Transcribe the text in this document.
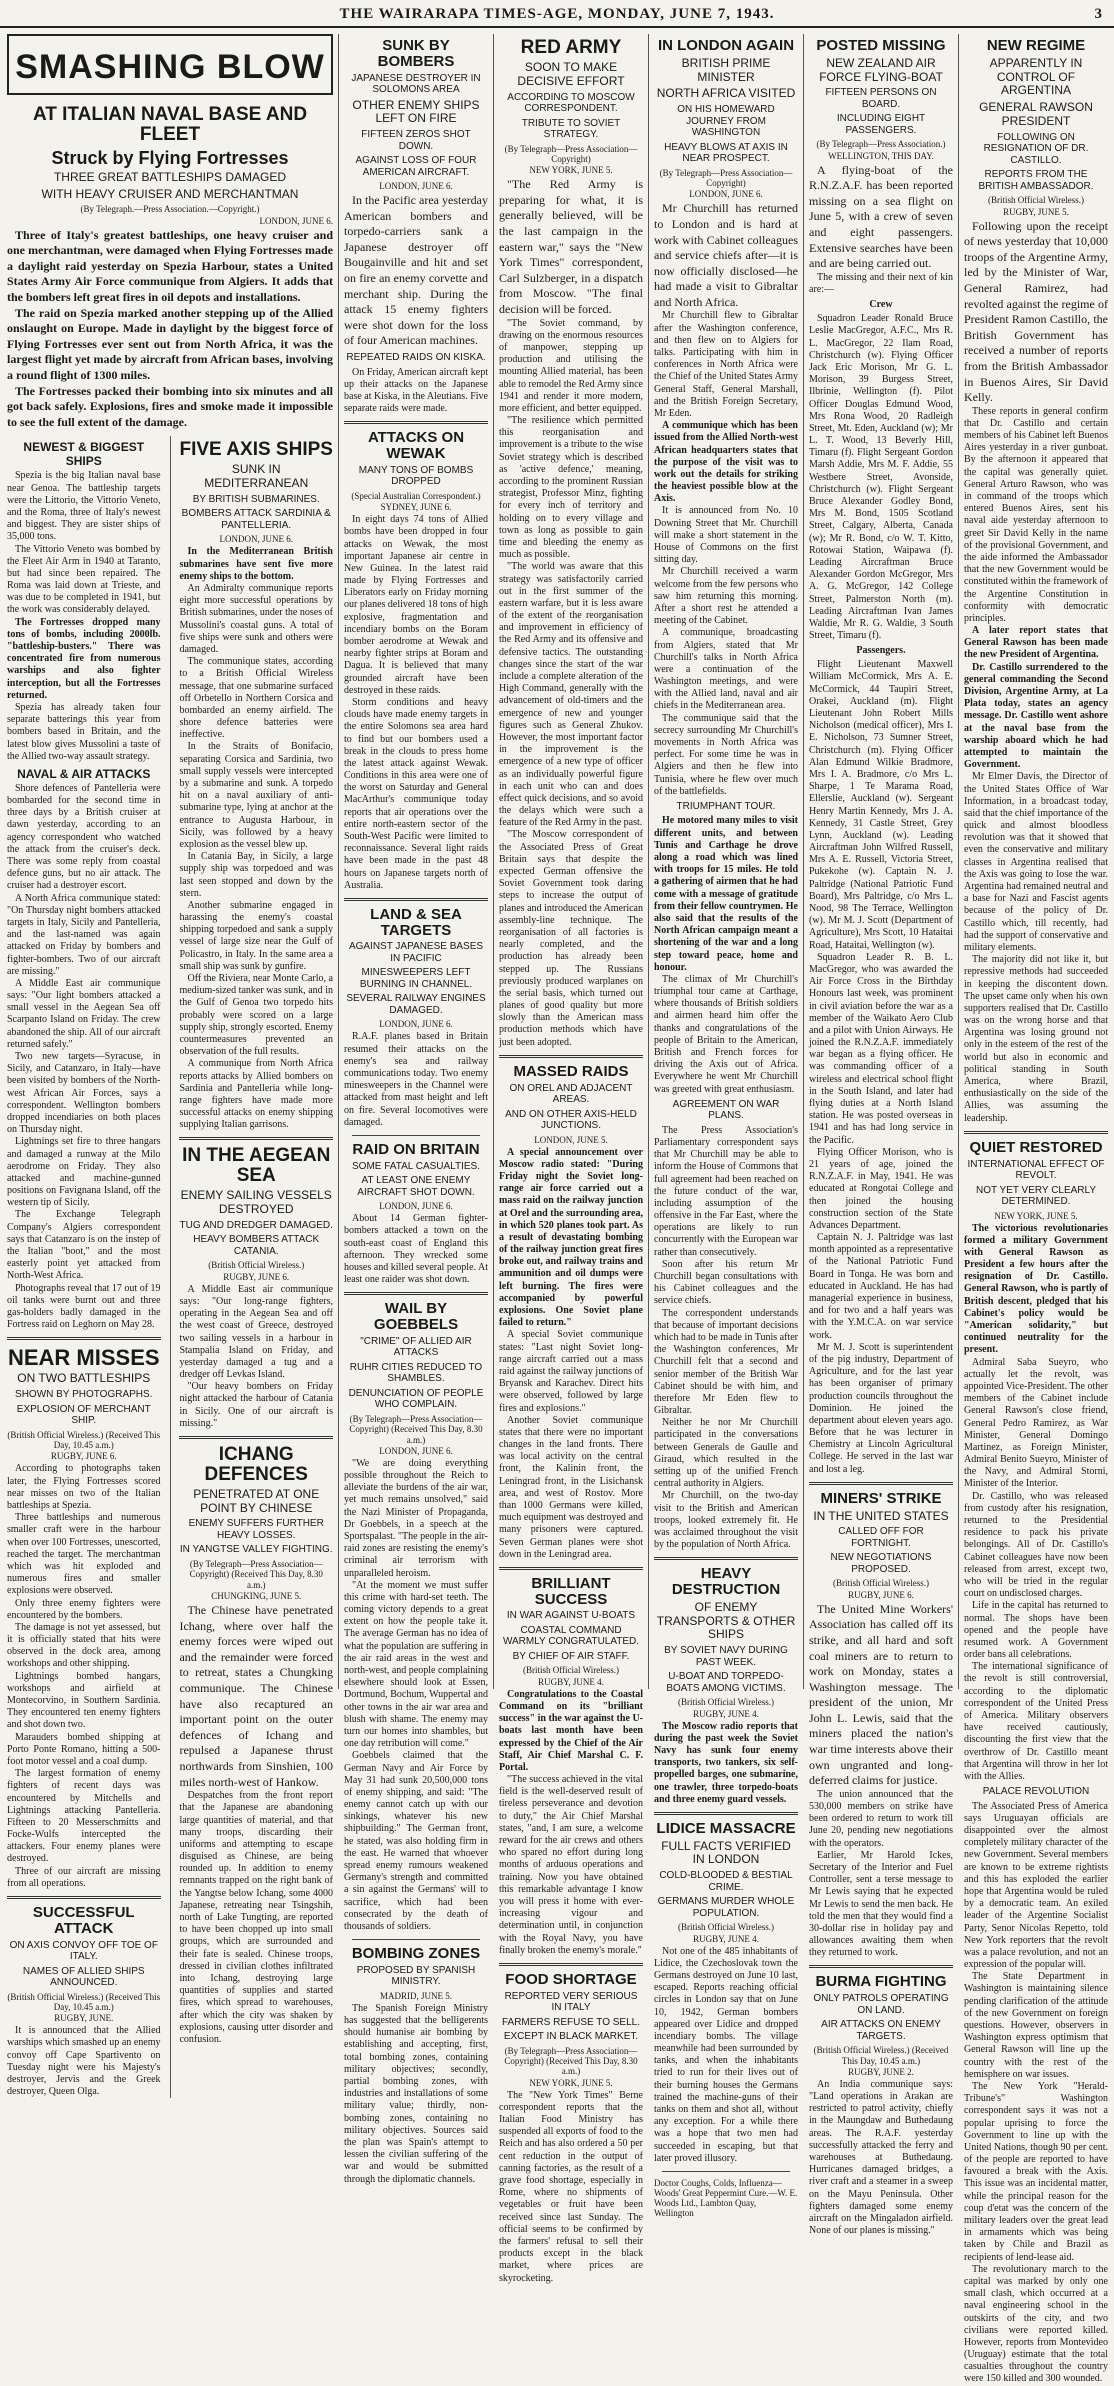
THE WAIRARAPA TIMES-AGE, MONDAY, JUNE 7, 1943.	3
SMASHING BLOW
AT ITALIAN NAVAL BASE AND FLEET
Struck by Flying Fortresses
THREE GREAT BATTLESHIPS DAMAGED
WITH HEAVY CRUISER AND MERCHANTMAN
(By Telegraph.—Press Association.—Copyright.)
LONDON, JUNE 6.

Three of Italy's greatest battleships, one heavy cruiser and one merchantman, were damaged when Flying Fortresses made a daylight raid yesterday on Spezia Harbour, states a United States Army Air Force communique from Algiers. It adds that the bombers left great fires in oil depots and installations.

The raid on Spezia marked another stepping up of the Allied onslaught on Europe. Made in daylight by the biggest force of Flying Fortresses ever sent out from North Africa, it was the largest flight yet made by aircraft from African bases, involving a round flight of 1300 miles.

The Fortresses packed their bombing into six minutes and all got back safely. Explosions, fires and smoke made it impossible to see the full extent of the damage.

NEWEST & BIGGEST SHIPS

Spezia is the big Italian naval base near Genoa. The battleship targets were the Littorio, the Vittorio Veneto, and the Roma, three of Italy's newest and biggest. They are sister ships of 35,000 tons.

The Vittorio Veneto was bombed by the Fleet Air Arm in 1940 at Taranto, but had since been repaired. The Roma was laid down at Trieste, and was due to be completed in 1941, but the work was considerably delayed.

The Fortresses dropped many tons of bombs, including 2000lb. "battleship-busters." There was concentrated fire from numerous warships and also fighter interception, but all the Fortresses returned.

Spezia has already taken four separate batterings this year from bombers based in Britain, and the latest blow gives Mussolini a taste of the Allied two-way assault strategy.

NAVAL & AIR ATTACKS

Shore defences of Pantelleria were bombarded for the second time in three days by a British cruiser at dawn yesterday, according to an agency correspondent who watched the attack from the cruiser's deck. There was some reply from coastal defence guns, but no air attack. The cruiser had a destroyer escort.

A North Africa communique stated: "On Thursday night bombers attacked targets in Italy, Sicily and Pantelleria, and the last-named was again attacked on Friday by bombers and fighter-bombers. Two of our aircraft are missing."

A Middle East air communique says: "Our light bombers attacked a small vessel in the Aegean Sea off Scarpanto Island on Friday. The crew abandoned the ship. All of our aircraft returned safely."

Two new targets—Syracuse, in Sicily, and Catanzaro, in Italy—have been visited by bombers of the North-west African Air Forces, says a correspondent. Wellington bombers dropped incendiaries on both places on Thursday night.

Lightnings set fire to three hangars and damaged a runway at the Milo aerodrome on Friday. They also attacked and machine-gunned positions on Favignana Island, off the western tip of Sicily.

The Exchange Telegraph Company's Algiers correspondent says that Catanzaro is on the instep of the Italian "boot," and the most easterly point yet attacked from North-West Africa.

Photographs reveal that 17 out of 19 oil tanks were burnt out and three gas-holders badly damaged in the Fortress raid on Leghorn on May 28.

NEAR MISSES
ON TWO BATTLESHIPS
SHOWN BY PHOTOGRAPHS.
EXPLOSION OF MERCHANT SHIP.
(British Official Wireless.) (Received This Day, 10.45 a.m.)
RUGBY, JUNE 6.

According to photographs taken later, the Flying Fortresses scored near misses on two of the Italian battleships at Spezia.

Three battleships and numerous smaller craft were in the harbour when over 100 Fortresses, unescorted, reached the target. The merchantman which was hit exploded and numerous fires and smaller explosions were observed.

Only three enemy fighters were encountered by the bombers.

The damage is not yet assessed, but it is officially stated that hits were observed in the dock area, among workshops and other shipping.

Lightnings bombed hangars, workshops and airfield at Montecorvino, in Southern Sardinia. They encountered ten enemy fighters and shot down two.

Marauders bombed shipping at Porto Ponte Romano, hitting a 500-foot motor vessel and a coal dump.

The largest formation of enemy fighters of recent days was encountered by Mitchells and Lightnings attacking Pantelleria. Fifteen to 20 Messerschmitts and Focke-Wulfs intercepted the attackers. Four enemy planes were destroyed.

Three of our aircraft are missing from all operations.

SUCCESSFUL ATTACK
ON AXIS CONVOY OFF TOE OF ITALY.
NAMES OF ALLIED SHIPS ANNOUNCED.
(British Official Wireless.) (Received This Day, 10.45 a.m.)
RUGBY, JUNE.

It is announced that the Allied warships which smashed up an enemy convoy off Cape Spartivento on Tuesday night were his Majesty's destroyer, Jervis and the Greek destroyer, Queen Olga.

FIVE AXIS SHIPS
SUNK IN MEDITERRANEAN
BY BRITISH SUBMARINES.
BOMBERS ATTACK SARDINIA & PANTELLERIA.
LONDON, JUNE 6.

In the Mediterranean British submarines have sent five more enemy ships to the bottom.

An Admiralty communique reports eight more successful operations by British submarines, under the noses of Mussolini's coastal guns. A total of five ships were sunk and others were damaged.

The communique states, according to a British Official Wireless message, that one submarine surfaced off Orbetello in Northern Corsica and bombarded an enemy airfield. The shore defence batteries were ineffective.

In the Straits of Bonifacio, separating Corsica and Sardinia, two small supply vessels were intercepted by a submarine and sunk. A torpedo hit on a naval auxiliary of anti-submarine type, lying at anchor at the entrance to Augusta Harbour, in Sicily, was followed by a heavy explosion as the vessel blew up.

In Catania Bay, in Sicily, a large supply ship was torpedoed and was last seen stopped and down by the stern.

Another submarine engaged in harassing the enemy's coastal shipping torpedoed and sank a supply vessel of large size near the Gulf of Policastro, in Italy. In the same area a small ship was sunk by gunfire.

Off the Riviera, near Monte Carlo, a medium-sized tanker was sunk, and in the Gulf of Genoa two torpedo hits probably were scored on a large supply ship, strongly escorted. Enemy countermeasures prevented an observation of the full results.

A communique from North Africa reports attacks by Allied bombers on Sardinia and Pantelleria while long-range fighters have made more successful attacks on enemy shipping supplying Italian garrisons.

IN THE AEGEAN SEA
ENEMY SAILING VESSELS DESTROYED
TUG AND DREDGER DAMAGED.
HEAVY BOMBERS ATTACK CATANIA.
(British Official Wireless.)
RUGBY, JUNE 6.

A Middle East air communique says: "Our long-range fighters, operating in the Aegean Sea and off the west coast of Greece, destroyed two sailing vessels in a harbour in Stampalia Island on Friday, and yesterday damaged a tug and a dredger off Levkas Island.

"Our heavy bombers on Friday night attacked the harbour of Catania in Sicily. One of our aircraft is missing."

ICHANG DEFENCES
PENETRATED AT ONE POINT BY CHINESE
ENEMY SUFFERS FURTHER HEAVY LOSSES.
IN YANGTSE VALLEY FIGHTING.
(By Telegraph—Press Association—Copyright) (Received This Day, 8.30 a.m.)
CHUNGKING, JUNE 5.

The Chinese have penetrated Ichang, where over half the enemy forces were wiped out and the remainder were forced to retreat, states a Chungking communique. The Chinese have also recaptured an important point on the outer defences of Ichang and repulsed a Japanese thrust northwards from Sinshien, 100 miles north-west of Hankow.

Despatches from the front report that the Japanese are abandoning large quantities of material, and that many troops, discarding their uniforms and attempting to escape disguised as Chinese, are being rounded up. In addition to enemy remnants trapped on the right bank of the Yangtse below Ichang, some 4000 Japanese, retreating near Tsingshih, north of Lake Tungting, are reported to have been chopped up into small groups, which are surrounded and their fate is sealed. Chinese troops, dressed in civilian clothes infiltrated into Ichang, destroying large quantities of supplies and started fires, which spread to warehouses, after which the city was shaken by explosions, causing utter disorder and confusion.

SUNK BY BOMBERS
JAPANESE DESTROYER IN SOLOMONS AREA
OTHER ENEMY SHIPS LEFT ON FIRE
FIFTEEN ZEROS SHOT DOWN.
AGAINST LOSS OF FOUR AMERICAN AIRCRAFT.
LONDON, JUNE 6.

In the Pacific area yesterday American bombers and torpedo-carriers sank a Japanese destroyer off Bougainville and hit and set on fire an enemy corvette and merchant ship. During the attack 15 enemy fighters were shot down for the loss of four American machines.

REPEATED RAIDS ON KISKA.

On Friday, American aircraft kept up their attacks on the Japanese base at Kiska, in the Aleutians. Five separate raids were made.

ATTACKS ON WEWAK
MANY TONS OF BOMBS DROPPED
(Special Australian Correspondent.)
SYDNEY, JUNE 6.

In eight days 74 tons of Allied bombs have been dropped in four attacks on Wewak, the most important Japanese air centre in New Guinea. In the latest raid made by Flying Fortresses and Liberators early on Friday morning our planes delivered 18 tons of high explosive, fragmentation and incendiary bombs on the Boram bomber aerodrome at Wewak and nearby fighter strips at Boram and Dagua. It is believed that many grounded aircraft have been destroyed in these raids.

Storm conditions and heavy clouds have made enemy targets in the entire Solomons sea area hard to find but our bombers used a break in the clouds to press home the latest attack against Wewak. Conditions in this area were one of the worst on Saturday and General MacArthur's communique today reports that air operations over the entire north-eastern sector of the South-West Pacific were limited to reconnaissance. Several light raids have been made in the past 48 hours on Japanese targets north of Australia.

LAND & SEA TARGETS
AGAINST JAPANESE BASES IN PACIFIC
MINESWEEPERS LEFT BURNING IN CHANNEL.
SEVERAL RAILWAY ENGINES DAMAGED.
LONDON, JUNE 6.

R.A.F. planes based in Britain resumed their attacks on the enemy's sea and railway communications today. Two enemy minesweepers in the Channel were attacked from mast height and left on fire. Several locomotives were damaged.

RAID ON BRITAIN
SOME FATAL CASUALTIES.
AT LEAST ONE ENEMY AIRCRAFT SHOT DOWN.
LONDON, JUNE 6.

About 14 German fighter-bombers attacked a town on the south-east coast of England this afternoon. They wrecked some houses and killed several people. At least one raider was shot down.

WAIL BY GOEBBELS
"CRIME" OF ALLIED AIR ATTACKS
RUHR CITIES REDUCED TO SHAMBLES.
DENUNCIATION OF PEOPLE WHO COMPLAIN.
(By Telegraph—Press Association—Copyright) (Received This Day, 8.30 a.m.)
LONDON, JUNE 6.

"We are doing everything possible throughout the Reich to alleviate the burdens of the air war, yet much remains unsolved," said the Nazi Minister of Propaganda, Dr Goebbels, in a speech at the Sportspalast. "The people in the air-raid zones are resisting the enemy's criminal air terrorism with unparalleled heroism.

"At the moment we must suffer this crime with hard-set teeth. The coming victory depends to a great extent on how the people take it. The average German has no idea of what the population are suffering in the air raid areas in the west and north-west, and people complaining elsewhere should look at Essen, Dortmund, Bochum, Wuppertal and other towns in the air war area and blush with shame. The enemy may turn our homes into shambles, but one day retribution will come."

Goebbels claimed that the German Navy and Air Force by May 31 had sunk 20,500,000 tons of enemy shipping, and said: "The enemy cannot catch up with our sinkings, whatever his new shipbuilding." The German front, he stated, was also holding firm in the east. He warned that whoever spread enemy rumours weakened Germany's strength and committed a sin against the Germans' will to sacrifice, which had been consecrated by the death of thousands of soldiers.

BOMBING ZONES
PROPOSED BY SPANISH MINISTRY.
MADRID, JUNE 5.

The Spanish Foreign Ministry has suggested that the belligerents should humanise air bombing by establishing and accepting, first, total bombing zones, containing military objectives; secondly, partial bombing zones, with industries and installations of some military value; thirdly, non-bombing zones, containing no military objectives. Sources said the plan was Spain's attempt to lessen the civilian suffering of the war and would be submitted through the diplomatic channels.

RED ARMY
SOON TO MAKE DECISIVE EFFORT
ACCORDING TO MOSCOW CORRESPONDENT.
TRIBUTE TO SOVIET STRATEGY.
(By Telegraph—Press Association—Copyright)
NEW YORK, JUNE 5.

"The Red Army is preparing for what, it is generally believed, will be the last campaign in the eastern war," says the "New York Times" correspondent, Carl Sulzberger, in a dispatch from Moscow. "The final decision will be forced.

"The Soviet command, by drawing on the enormous resources of manpower, stepping up production and utilising the mounting Allied material, has been able to remodel the Red Army since 1941 and render it more modern, more efficient, and better equipped.

"The resilience which permitted this reorganisation and improvement is a tribute to the wise Soviet strategy which is described as 'active defence,' meaning, according to the prominent Russian strategist, Professor Minz, fighting for every inch of territory and holding on to every village and town as long as possible to gain time and bleeding the enemy as much as possible.

"The world was aware that this strategy was satisfactorily carried out in the first summer of the eastern warfare, but it is less aware of the extent of the reorganisation and improvement in efficiency of the Red Army and its offensive and defensive tactics. The outstanding changes since the start of the war include a complete alteration of the High Command, generally with the advancement of old-timers and the emergence of new and younger figures such as General Zhukov. However, the most important factor in the improvement is the emergence of a new type of officer as an individually powerful figure in each unit who can and does effect quick decisions, and so avoid the delays which were such a feature of the Red Army in the past.

"The Moscow correspondent of the Associated Press of Great Britain says that despite the expected German offensive the Soviet Government took daring steps to increase the output of planes and introduced the American assembly-line technique. The reorganisation of all factories is nearly completed, and the production has already been stepped up. The Russians previously produced warplanes on the serial basis, which turned out planes of good quality but more slowly than the American mass production methods which have just been adopted.

MASSED RAIDS
ON OREL AND ADJACENT AREAS.
AND ON OTHER AXIS-HELD JUNCTIONS.
LONDON, JUNE 5.

A special announcement over Moscow radio stated: "During Friday night the Soviet long-range air force carried out a mass raid on the railway junction at Orel and the surrounding area, in which 520 planes took part. As a result of devastating bombing of the railway junction great fires broke out, and railway trains and ammunition and oil dumps were left burning. The fires were accompanied by powerful explosions. One Soviet plane failed to return."

A special Soviet communique states: "Last night Soviet long-range aircraft carried out a mass raid against the railway junctions of Bryansk and Karachev. Direct hits were observed, followed by large fires and explosions."

Another Soviet communique states that there were no important changes in the land fronts. There was local activity on the central front, the Kalinin front, the Leningrad front, in the Lisichansk area, and west of Rostov. More than 1000 Germans were killed, much equipment was destroyed and many prisoners were captured. Seven German planes were shot down in the Leningrad area.

BRILLIANT SUCCESS
IN WAR AGAINST U-BOATS
COASTAL COMMAND WARMLY CONGRATULATED.
BY CHIEF OF AIR STAFF.
(British Official Wireless.)
RUGBY, JUNE 4.

Congratulations to the Coastal Command on its "brilliant success" in the war against the U-boats last month have been expressed by the Chief of the Air Staff, Air Chief Marshal C. F. Portal.

"The success achieved in the vital field is the well-deserved result of tireless perseverance and devotion to duty," the Air Chief Marshal states, "and, I am sure, a welcome reward for the air crews and others who spared no effort during long months of arduous operations and training. Now you have obtained this remarkable advantage I know you will press it home with ever-increasing vigour and determination until, in conjunction with the Royal Navy, you have finally broken the enemy's morale."

FOOD SHORTAGE
REPORTED VERY SERIOUS IN ITALY
FARMERS REFUSE TO SELL.
EXCEPT IN BLACK MARKET.
(By Telegraph—Press Association—Copyright) (Received This Day, 8.30 a.m.)
NEW YORK, JUNE 5.

The "New York Times" Berne correspondent reports that the Italian Food Ministry has suspended all exports of food to the Reich and has also ordered a 50 per cent reduction in the output of canning factories, as the result of a grave food shortage, especially in Rome, where no shipments of vegetables or fruit have been received since last Sunday. The official seems to be confirmed by the farmers' refusal to sell their products except in the black market, where prices are skyrocketing.

IN LONDON AGAIN
BRITISH PRIME MINISTER
NORTH AFRICA VISITED
ON HIS HOMEWARD JOURNEY FROM WASHINGTON
HEAVY BLOWS AT AXIS IN NEAR PROSPECT.
(By Telegraph—Press Association—Copyright)
LONDON, JUNE 6.

Mr Churchill has returned to London and is hard at work with Cabinet colleagues and service chiefs after—it is now officially disclosed—he had made a visit to Gibraltar and North Africa.

Mr Churchill flew to Gibraltar after the Washington conference, and then flew on to Algiers for talks. Participating with him in conferences in North Africa were the Chief of the United States Army General Staff, General Marshall, and the British Foreign Secretary, Mr Eden.

A communique which has been issued from the Allied North-west African headquarters states that the purpose of the visit was to work out the details for striking the heaviest possible blow at the Axis.

It is announced from No. 10 Downing Street that Mr. Churchill will make a short statement in the House of Commons on the first sitting day.

Mr Churchill received a warm welcome from the few persons who saw him returning this morning. After a short rest he attended a meeting of the Cabinet.

A communique, broadcasting from Algiers, stated that Mr Churchill's talks in North Africa were a continuation of the Washington meetings, and were with the Allied land, naval and air chiefs in the Mediterranean area.

The communique said that the secrecy surrounding Mr Churchill's movements in North Africa was perfect. For some time he was in Algiers and then he flew into Tunisia, where he flew over much of the battlefields.

TRIUMPHANT TOUR.

He motored many miles to visit different units, and between Tunis and Carthage he drove along a road which was lined with troops for 15 miles. He told a gathering of airmen that he had come with a message of gratitude from their fellow countrymen. He also said that the results of the North African campaign meant a shortening of the war and a long step toward peace, home and honour.

The climax of Mr Churchill's triumphal tour came at Carthage, where thousands of British soldiers and airmen heard him offer the thanks and congratulations of the people of Britain to the American, British and French forces for driving the Axis out of Africa. Everywhere he went Mr Churchill was greeted with great enthusiasm.

AGREEMENT ON WAR PLANS.

The Press Association's Parliamentary correspondent says that Mr Churchill may be able to inform the House of Commons that full agreement had been reached on the future conduct of the war, including assumption of the offensive in the Far East, where the operations are likely to run concurrently with the European war rather than consecutively.

Soon after his return Mr Churchill began consultations with his Cabinet colleagues and the service chiefs.

The correspondent understands that because of important decisions which had to be made in Tunis after the Washington conferences, Mr Churchill felt that a second and senior member of the British War Cabinet should be with him, and therefore Mr Eden flew to Gibraltar.

Neither he nor Mr Churchill participated in the conversations between Generals de Gaulle and Giraud, which resulted in the setting up of the unified French central authority in Algiers.

Mr Churchill, on the two-day visit to the British and American troops, looked extremely fit. He was acclaimed throughout the visit by the population of North Africa.

HEAVY DESTRUCTION
OF ENEMY TRANSPORTS & OTHER SHIPS
BY SOVIET NAVY DURING PAST WEEK.
U-BOAT AND TORPEDO-BOATS AMONG VICTIMS.
(British Official Wireless.)
RUGBY, JUNE 4.

The Moscow radio reports that during the past week the Soviet Navy has sunk four enemy transports, two tankers, six self-propelled barges, one submarine, one trawler, three torpedo-boats and three enemy guard vessels.

LIDICE MASSACRE
FULL FACTS VERIFIED IN LONDON
COLD-BLOODED & BESTIAL CRIME.
GERMANS MURDER WHOLE POPULATION.
(British Official Wireless.)
RUGBY, JUNE 4.

Not one of the 485 inhabitants of Lidice, the Czechoslovak town the Germans destroyed on June 10 last, escaped. Reports reaching official circles in London say that on June 10, 1942, German bombers appeared over Lidice and dropped incendiary bombs. The village meanwhile had been surrounded by tanks, and when the inhabitants tried to run for their lives out of their burning houses the Germans trained the machine-guns of their tanks on them and shot all, without any exception. For a while there was a hope that two men had succeeded in escaping, but that later proved illusory.

Doctor Coughs, Colds, Influenza—Woods' Great Peppermint Cure.—W. E. Woods Ltd., Lambton Quay, Wellington
POSTED MISSING
NEW ZEALAND AIR FORCE FLYING-BOAT
FIFTEEN PERSONS ON BOARD.
INCLUDING EIGHT PASSENGERS.
(By Telegraph—Press Association.)
WELLINGTON, THIS DAY.

A flying-boat of the R.N.Z.A.F. has been reported missing on a sea flight on June 5, with a crew of seven and eight passengers. Extensive searches have been and are being carried out.

The missing and their next of kin are:—

Crew

Squadron Leader Ronald Bruce Leslie MacGregor, A.F.C., Mrs R. L. MacGregor, 22 Ilam Road, Christchurch (w). Flying Officer Jack Eric Morison, Mr G. L. Morison, 39 Burgess Street, Ilbrinie, Wellington (f). Pilot Officer Douglas Edmund Wood, Mrs Rona Wood, 20 Radleigh Street, Mt. Eden, Auckland (w); Mr L. T. Wood, 13 Beverly Hill, Timaru (f). Flight Sergeant Gordon Marsh Addie, Mrs M. F. Addie, 55 Westbere Street, Avonside, Christchurch (w). Flight Sergeant Bruce Alexander Godley Bond, Mrs M. Bond, 1505 Scotland Street, Calgary, Alberta, Canada (w); Mr R. Bond, c/o W. T. Kitto, Rotowai Station, Waipawa (f). Leading Aircraftman Bruce Alexander Gordon McGregor, Mrs A. G. McGregor, 142 College Street, Palmerston North (m). Leading Aircraftman Ivan James Waldie, Mr R. G. Waldie, 3 South Street, Timaru (f).

Passengers.

Flight Lieutenant Maxwell William McCormick, Mrs A. E. McCormick, 44 Taupiri Street, Orakei, Auckland (m). Flight Lieutenant John Robert Mills Nicholson (medical officer), Mrs I. E. Nicholson, 73 Sumner Street, Christchurch (m). Flying Officer Alan Edmund Wilkie Bradmore, Mrs I. A. Bradmore, c/o Mrs L. Sharpe, 1 Te Marama Road, Ellerslie, Auckland (w). Sergeant Henry Martin Kennedy, Mrs J. A. Kennedy, 31 Castle Street, Grey Lynn, Auckland (w). Leading Aircraftman John Wilfred Russell, Mrs A. E. Russell, Victoria Street, Pukekohe (w). Captain N. J. Paltridge (National Patriotic Fund Board), Mrs Paltridge, c/o Mrs L. Nood, 98 The Terrace, Wellington (w). Mr M. J. Scott (Department of Agriculture), Mrs Scott, 10 Hataitai Road, Hataitai, Wellington (w).

Squadron Leader R. B. L. MacGregor, who was awarded the Air Force Cross in the Birthday Honours last week, was prominent in civil aviation before the war as a member of the Waikato Aero Club and a pilot with Union Airways. He joined the R.N.Z.A.F. immediately war began as a flying officer. He was commanding officer of a wireless and electrical school flight in the South Island, and later had flying duties at a North Island station. He was posted overseas in 1941 and has had long service in the Pacific.

Flying Officer Morison, who is 21 years of age, joined the R.N.Z.A.F. in May, 1941. He was educated at Rongotai College and then joined the housing construction section of the State Advances Department.

Captain N. J. Paltridge was last month appointed as a representative of the National Patriotic Fund Board in Tonga. He was born and educated in Auckland. He has had managerial experience in business, and for two and a half years was with the Y.M.C.A. on war service work.

Mr M. J. Scott is superintendent of the pig industry, Department of Agriculture, and for the last year has been organiser of primary production councils throughout the Dominion. He joined the department about eleven years ago. Before that he was lecturer in Chemistry at Lincoln Agricultural College. He served in the last war and lost a leg.

MINERS' STRIKE
IN THE UNITED STATES
CALLED OFF FOR FORTNIGHT.
NEW NEGOTIATIONS PROPOSED.
(British Official Wireless.)
RUGBY, JUNE 6.

The United Mine Workers' Association has called off its strike, and all hard and soft coal miners are to return to work on Monday, states a Washington message. The president of the union, Mr John L. Lewis, said that the miners placed the nation's war time interests above their own ungranted and long-deferred claims for justice.

The union announced that the 530,000 members on strike have been ordered to return to work till June 20, pending new negotiations with the operators.

Earlier, Mr Harold Ickes, Secretary of the Interior and Fuel Controller, sent a terse message to Mr Lewis saying that he expected Mr Lewis to send the men back. He told the men that they would find a 30-dollar rise in holiday pay and allowances awaiting them when they returned to work.

BURMA FIGHTING
ONLY PATROLS OPERATING ON LAND.
AIR ATTACKS ON ENEMY TARGETS.
(British Official Wireless.) (Received This Day, 10.45 a.m.)
RUGBY, JUNE 2.

An India communique says: "Land operations in Arakan are restricted to patrol activity, chiefly in the Maungdaw and Buthedaung areas. The R.A.F. yesterday successfully attacked the ferry and warehouses at Buthedaung. Hurricanes damaged bridges, a river craft and a steamer in a sweep on the Mayu Peninsula. Other fighters damaged some enemy aircraft on the Mingaladon airfield. None of our planes is missing."

NEW REGIME
APPARENTLY IN CONTROL OF ARGENTINA
GENERAL RAWSON PRESIDENT
FOLLOWING ON RESIGNATION OF DR. CASTILLO.
REPORTS FROM THE BRITISH AMBASSADOR.
(British Official Wireless.)
RUGBY, JUNE 5.

Following upon the receipt of news yesterday that 10,000 troops of the Argentine Army, led by the Minister of War, General Ramirez, had revolted against the regime of President Ramon Castillo, the British Government has received a number of reports from the British Ambassador in Buenos Aires, Sir David Kelly.

These reports in general confirm that Dr. Castillo and certain members of his Cabinet left Buenos Aires yesterday in a river gunboat. By the afternoon it appeared that the capital was generally quiet. General Arturo Rawson, who was in command of the troops which entered Buenos Aires, sent his naval aide yesterday afternoon to greet Sir David Kelly in the name of the provisional Government, and the aide informed the Ambassador that the new Government would be constituted within the framework of the Argentine Constitution in conformity with democratic principles.

A later report states that General Rawson has been made the new President of Argentina.

Dr. Castillo surrendered to the general commanding the Second Division, Argentine Army, at La Plata today, states an agency message. Dr. Castillo went ashore at the naval base from the warship aboard which he had attempted to maintain the Government.

Mr Elmer Davis, the Director of the United States Office of War Information, in a broadcast today, said that the chief importance of the quick and almost bloodless revolution was that it showed that even the conservative and military classes in Argentina realised that the Axis was going to lose the war. Argentina had remained neutral and a base for Nazi and Fascist agents because of the policy of Dr. Castillo which, till recently, had had the support of conservative and military elements.

The majority did not like it, but repressive methods had succeeded in keeping the discontent down. The upset came only when his own supporters realised that Dr. Castillo was on the wrong horse and that Argentina was losing ground not only in the esteem of the rest of the world but also in economic and political standing in South America, where Brazil, enthusiastically on the side of the Allies, was assuming the leadership.

QUIET RESTORED
INTERNATIONAL EFFECT OF REVOLT.
NOT YET VERY CLEARLY DETERMINED.
NEW YORK, JUNE 5.

The victorious revolutionaries formed a military Government with General Rawson as President a few hours after the resignation of Dr. Castillo. General Rawson, who is partly of British descent, pledged that his Cabinet's policy would be "American solidarity," but continued neutrality for the present.

Admiral Saba Sueyro, who actually let the revolt, was appointed Vice-President. The other members of the Cabinet include General Rawson's close friend, General Pedro Ramirez, as War Minister, General Domingo Martinez, as Foreign Minister, Admiral Benito Sueyro, Minister of the Navy, and Admiral Storni, Minister of the Interior.

Dr. Castillo, who was released from custody after his resignation, returned to the Presidential residence to pack his private belongings. All of Dr. Castillo's Cabinet colleagues have now been released from arrest, except two, who will be tried in the regular court on undisclosed charges.

Life in the capital has returned to normal. The shops have been opened and the people have resumed work. A Government order bans all celebrations.

The international significance of the revolt is still controversial, according to the diplomatic correspondent of the United Press of America. Military observers have received cautiously, discounting the first view that the overthrow of Dr. Castillo meant that Argentina will throw in her lot with the Allies.

PALACE REVOLUTION

The Associated Press of America says Uruguayan officials are disappointed over the almost completely military character of the new Government. Several members are known to be extreme rightists and this has exploded the earlier hope that Argentina would be ruled by a democratic team. An exiled leader of the Argentine Socialist Party, Senor Nicolas Repetto, told New York reporters that the revolt was a palace revolution, and not an expression of the popular will.

The State Department in Washington is maintaining silence pending clarification of the attitude of the new Government on foreign questions. However, observers in Washington express optimism that General Rawson will line up the country with the rest of the hemisphere on war issues.

The New York "Herald-Tribune's" Washington correspondent says it was not a popular uprising to force the Government to line up with the United Nations, though 90 per cent. of the people are reported to have favoured a break with the Axis. This issue was an incidental matter, while the principal reason for the coup d'etat was the concern of the military leaders over the great lead in armaments which was being taken by Chile and Brazil as recipients of lend-lease aid.

The revolutionary march to the capital was marked by only one small clash, which occurred at a naval engineering school in the outskirts of the city, and two civilians were reported killed. However, reports from Montevideo (Uruguay) estimate that the total casualties throughout the country were 150 killed and 300 wounded.
